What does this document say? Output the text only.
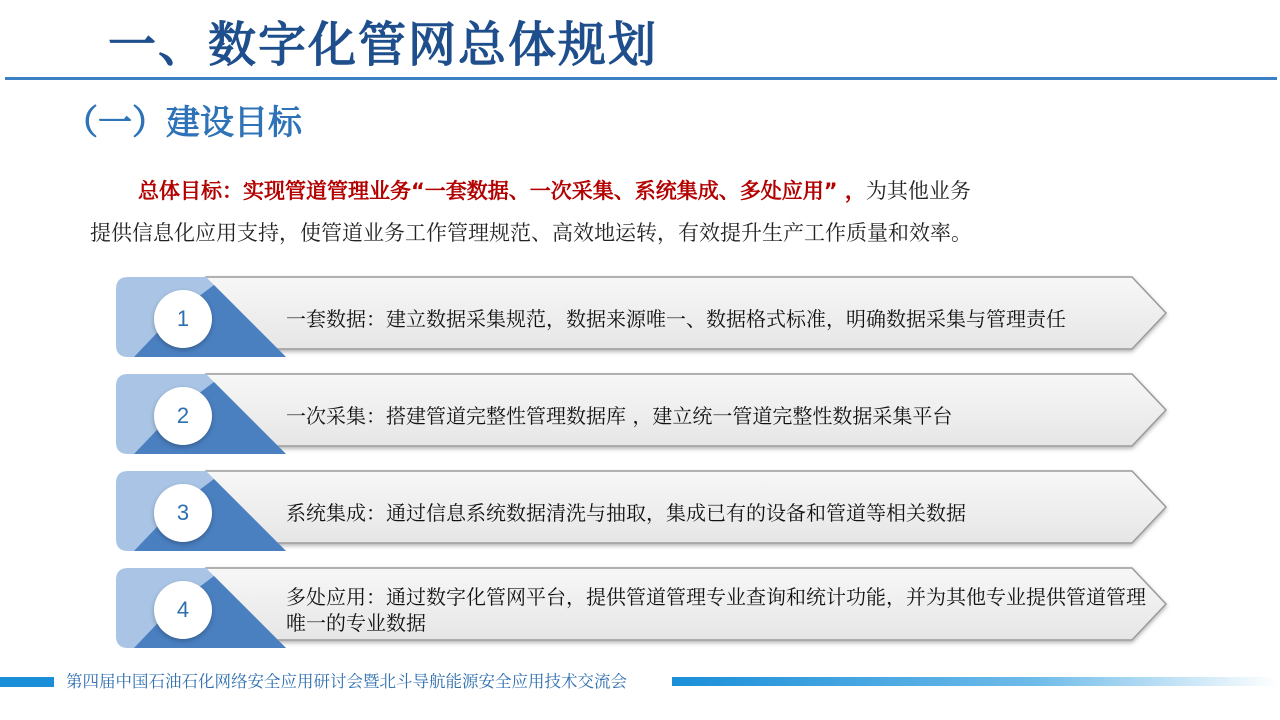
一、数字化管网总体规划
（一）建设目标
总体目标：实现管道管理业务“一套数据、一次采集、系统集成、多处应用” ，为其他业务
提供信息化应用支持，使管道业务工作管理规范、高效地运转，有效提升生产工作质量和效率。
1	一套数据：建立数据采集规范，数据来源唯一、数据格式标准，明确数据采集与管理责任
2	一次采集：搭建管道完整性管理数据库 ，建立统一管道完整性数据采集平台
3	系统集成：通过信息系统数据清洗与抽取，集成已有的设备和管道等相关数据
4	多处应用：通过数字化管网平台，提供管道管理专业查询和统计功能，并为其他专业提供管道管理唯一的专业数据
第四届中国石油石化网络安全应用研讨会暨北斗导航能源安全应用技术交流会
